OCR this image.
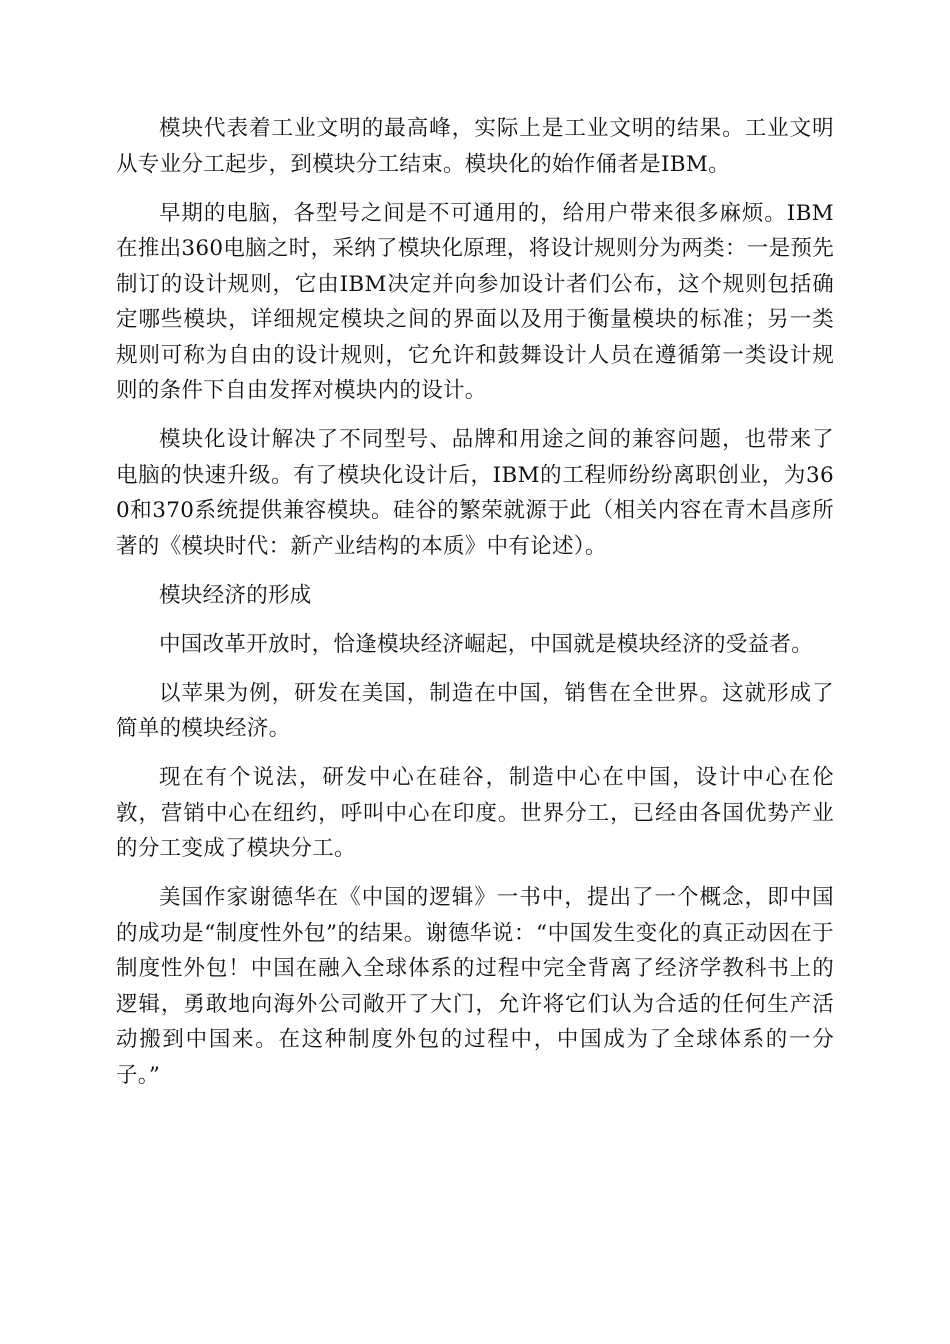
模块代表着工业文明的最高峰，实际上是工业文明的结果。工业文明从专业分工起步，到模块分工结束。模块化的始作俑者是IBM。

早期的电脑，各型号之间是不可通用的，给用户带来很多麻烦。IBM在推出360电脑之时，采纳了模块化原理，将设计规则分为两类：一是预先制订的设计规则，它由IBM决定并向参加设计者们公布，这个规则包括确定哪些模块，详细规定模块之间的界面以及用于衡量模块的标准；另一类规则可称为自由的设计规则，它允许和鼓舞设计人员在遵循第一类设计规则的条件下自由发挥对模块内的设计。

模块化设计解决了不同型号、品牌和用途之间的兼容问题，也带来了电脑的快速升级。有了模块化设计后，IBM的工程师纷纷离职创业，为360和370系统提供兼容模块。硅谷的繁荣就源于此（相关内容在青木昌彦所著的《模块时代：新产业结构的本质》中有论述）。

模块经济的形成

中国改革开放时，恰逢模块经济崛起，中国就是模块经济的受益者。

以苹果为例，研发在美国，制造在中国，销售在全世界。这就形成了简单的模块经济。

现在有个说法，研发中心在硅谷，制造中心在中国，设计中心在伦敦，营销中心在纽约，呼叫中心在印度。世界分工，已经由各国优势产业的分工变成了模块分工。

美国作家谢德华在《中国的逻辑》一书中，提出了一个概念，即中国的成功是“制度性外包”的结果。谢德华说：“中国发生变化的真正动因在于制度性外包！中国在融入全球体系的过程中完全背离了经济学教科书上的逻辑，勇敢地向海外公司敞开了大门，允许将它们认为合适的任何生产活动搬到中国来。在这种制度外包的过程中，中国成为了全球体系的一分子。”
